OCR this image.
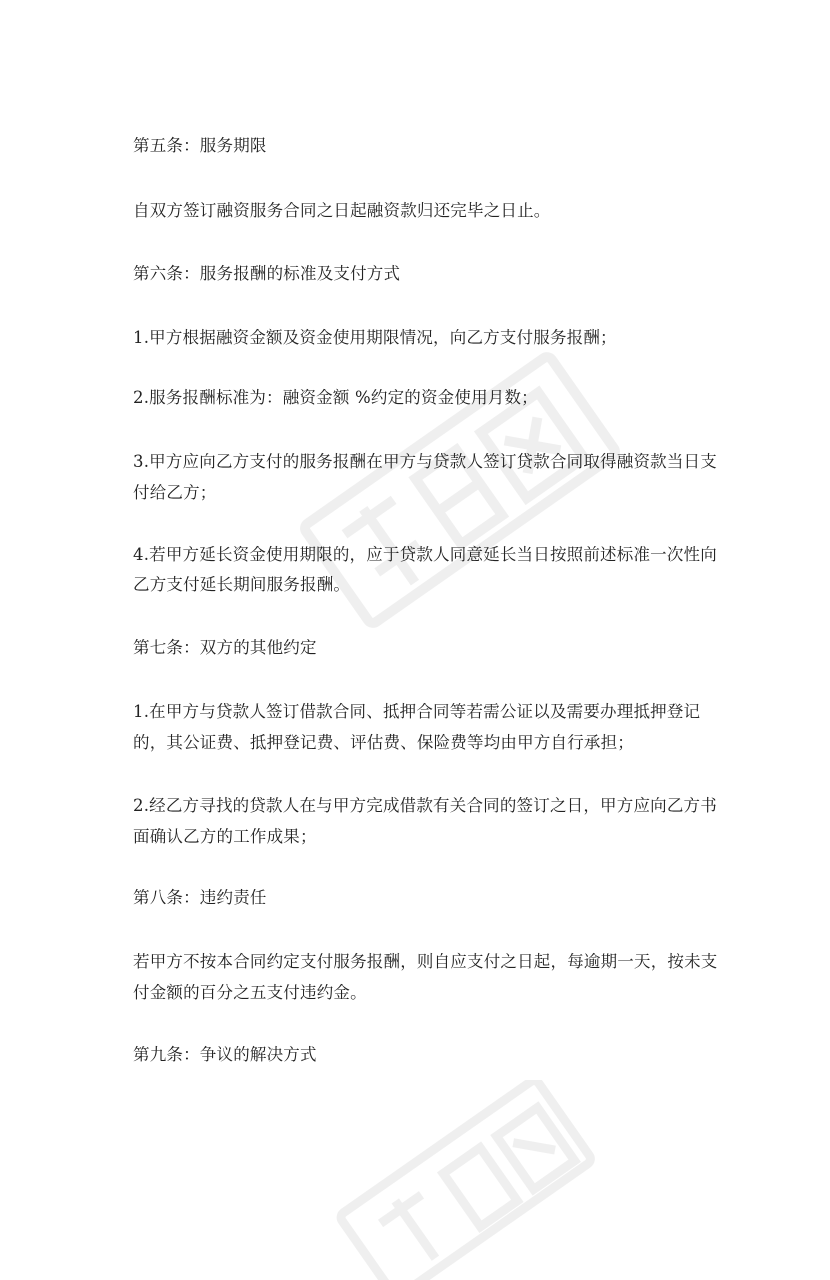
第五条：服务期限
自双方签订融资服务合同之日起融资款归还完毕之日止。
第六条：服务报酬的标准及支付方式
1.甲方根据融资金额及资金使用期限情况，向乙方支付服务报酬；
2.服务报酬标准为：融资金额 %约定的资金使用月数；
3.甲方应向乙方支付的服务报酬在甲方与贷款人签订贷款合同取得融资款当日支
付给乙方；
4.若甲方延长资金使用期限的，应于贷款人同意延长当日按照前述标准一次性向
乙方支付延长期间服务报酬。
第七条：双方的其他约定
1.在甲方与贷款人签订借款合同、抵押合同等若需公证以及需要办理抵押登记
的，其公证费、抵押登记费、评估费、保险费等均由甲方自行承担；
2.经乙方寻找的贷款人在与甲方完成借款有关合同的签订之日，甲方应向乙方书
面确认乙方的工作成果；
第八条：违约责任
若甲方不按本合同约定支付服务报酬，则自应支付之日起，每逾期一天，按未支
付金额的百分之五支付违约金。
第九条：争议的解决方式
